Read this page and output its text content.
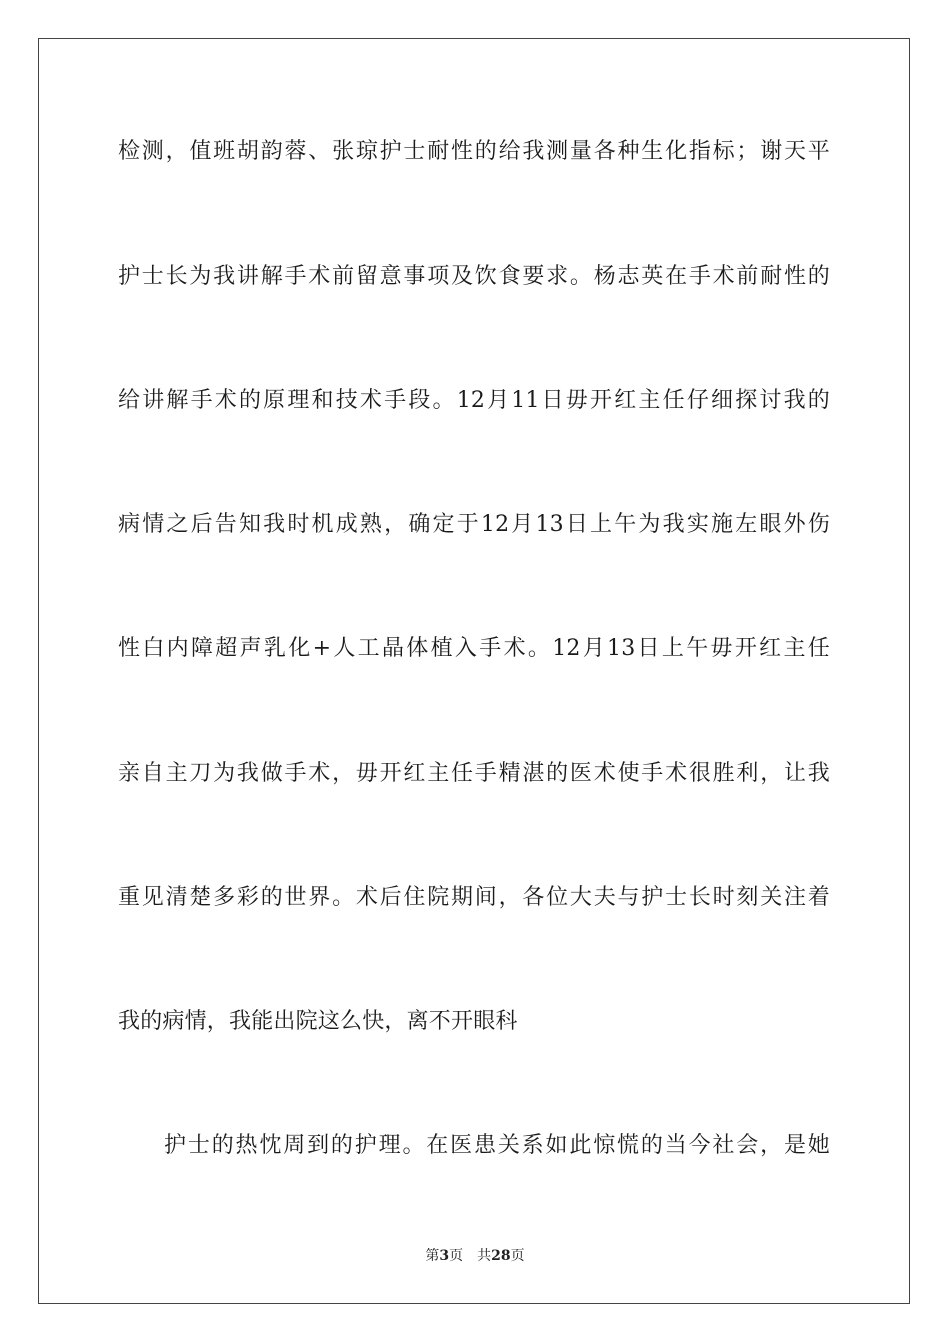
检测，值班胡韵蓉、张琼护士耐性的给我测量各种生化指标；谢天平
护士长为我讲解手术前留意事项及饮食要求。杨志英在手术前耐性的
给讲解手术的原理和技术手段。12月11日毋开红主任仔细探讨我的
病情之后告知我时机成熟，确定于12月13日上午为我实施左眼外伤
性白内障超声乳化+人工晶体植入手术。12月13日上午毋开红主任
亲自主刀为我做手术，毋开红主任手精湛的医术使手术很胜利，让我
重见清楚多彩的世界。术后住院期间，各位大夫与护士长时刻关注着
我的病情，我能出院这么快，离不开眼科
护士的热忱周到的护理。在医患关系如此惊慌的当今社会，是她
第3页 共28页
